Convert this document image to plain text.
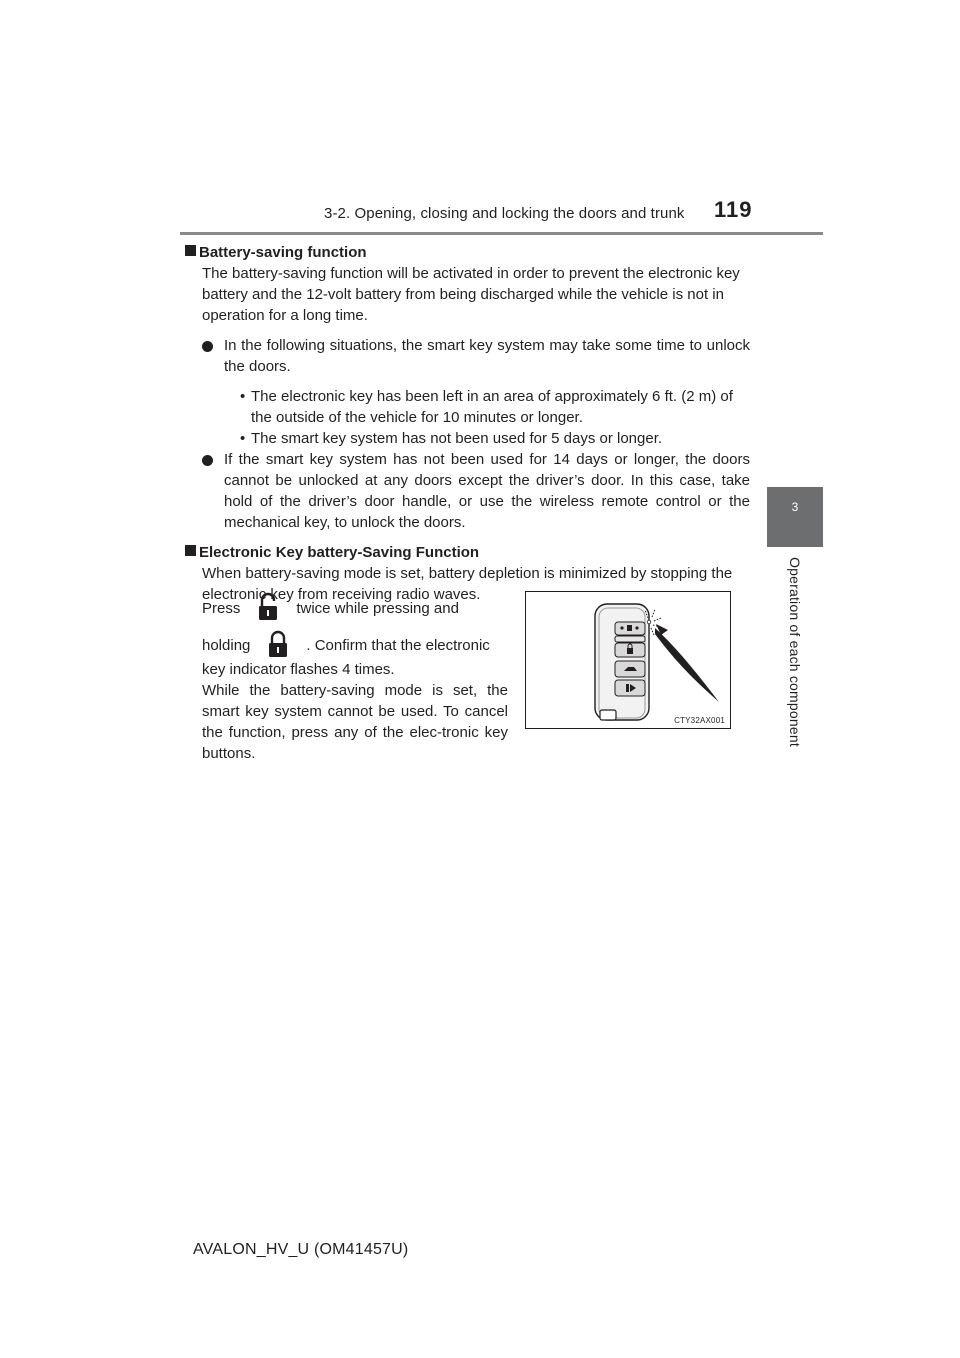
3-2. Opening, closing and locking the doors and trunk 119
3
Operation of each component
Battery-saving function
The battery-saving function will be activated in order to prevent the electronic key battery and the 12-volt battery from being discharged while the vehicle is not in operation for a long time.
In the following situations, the smart key system may take some time to unlock the doors.
• The electronic key has been left in an area of approximately 6 ft. (2 m) of the outside of the vehicle for 10 minutes or longer.
• The smart key system has not been used for 5 days or longer.
If the smart key system has not been used for 14 days or longer, the doors cannot be unlocked at any doors except the driver’s door. In this case, take hold of the driver’s door handle, or use the wireless remote control or the mechanical key, to unlock the doors.
Electronic Key battery-Saving Function
When battery-saving mode is set, battery depletion is minimized by stopping the electronic key from receiving radio waves.
Press	twice while pressing and
holding	. Confirm that the electronic
key indicator flashes 4 times.
While the battery-saving mode is set, the smart key system cannot be used. To cancel the function, press any of the elec-tronic key buttons.
CTY32AX001
AVALON_HV_U (OM41457U)
